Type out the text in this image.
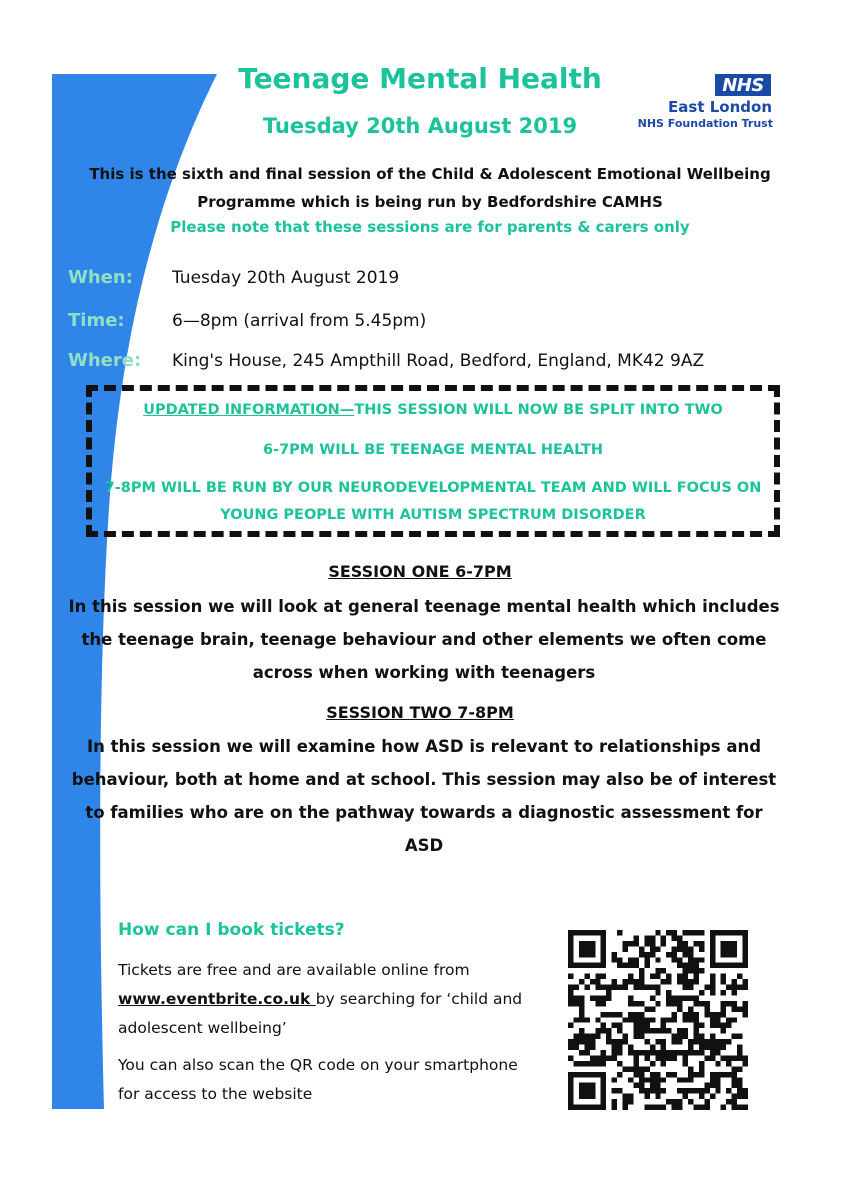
Teenage Mental Health
Tuesday 20th August 2019
NHS
East London
NHS Foundation Trust
This is the sixth and final session of the Child & Adolescent Emotional Wellbeing
Programme which is being run by Bedfordshire CAMHS
Please note that these sessions are for parents & carers only
When: Tuesday 20th August 2019
Time:	6—8pm (arrival from 5.45pm)
Where: King's House, 245 Ampthill Road, Bedford, England, MK42 9AZ
UPDATED INFORMATION—THIS SESSION WILL NOW BE SPLIT INTO TWO
6-7PM WILL BE TEENAGE MENTAL HEALTH
7-8PM WILL BE RUN BY OUR NEURODEVELOPMENTAL TEAM AND WILL FOCUS ON
YOUNG PEOPLE WITH AUTISM SPECTRUM DISORDER
SESSION ONE 6-7PM
In this session we will look at general teenage mental health which includes
the teenage brain, teenage behaviour and other elements we often come
across when working with teenagers
SESSION TWO 7-8PM
In this session we will examine how ASD is relevant to relationships and
behaviour, both at home and at school. This session may also be of interest
to families who are on the pathway towards a diagnostic assessment for
ASD
How can I book tickets?
Tickets are free and are available online from
www.eventbrite.co.uk by searching for ‘child and
adolescent wellbeing’
You can also scan the QR code on your smartphone
for access to the website
